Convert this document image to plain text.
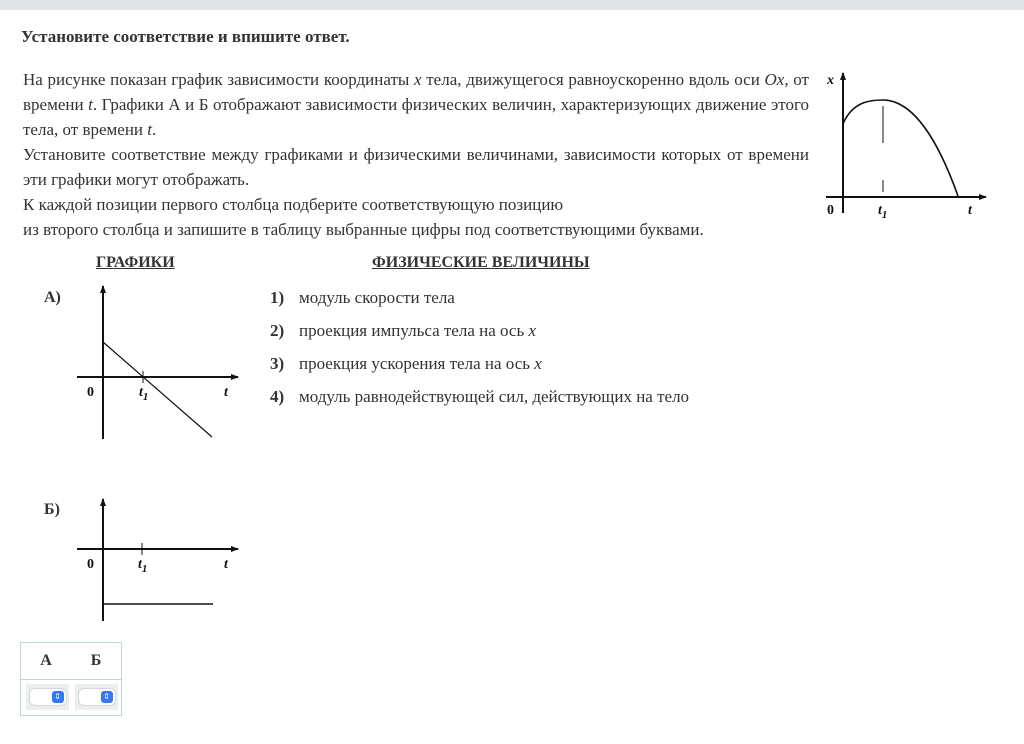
Установите соответствие и впишите ответ.

На рисунке показан график зависимости координаты x тела, движущегося равноускоренно вдоль оси Ox, от времени t. Графики А и Б отображают зависимости физических величин, характеризующих движение этого тела, от времени t.

Установите соответствие между графиками и физическими величинами, зависимости которых от времени эти графики могут отображать.

К каждой позиции первого столбца подберите соответствующую позицию
из второго столбца и запишите в таблицу выбранные цифры под соответствующими буквами.

x
0	$t_1$	t
0	$t_1$	t
0	$t_1$	t
ГРАФИКИ	ФИЗИЧЕСКИЕ ВЕЛИЧИНЫ
А)
Б)
1) модуль скорости тела
2) проекция импульса тела на ось x
3) проекция ускорения тела на ось x
4) модуль равнодействующей сил, действующих на тело
А	Б
⇕	⇕
